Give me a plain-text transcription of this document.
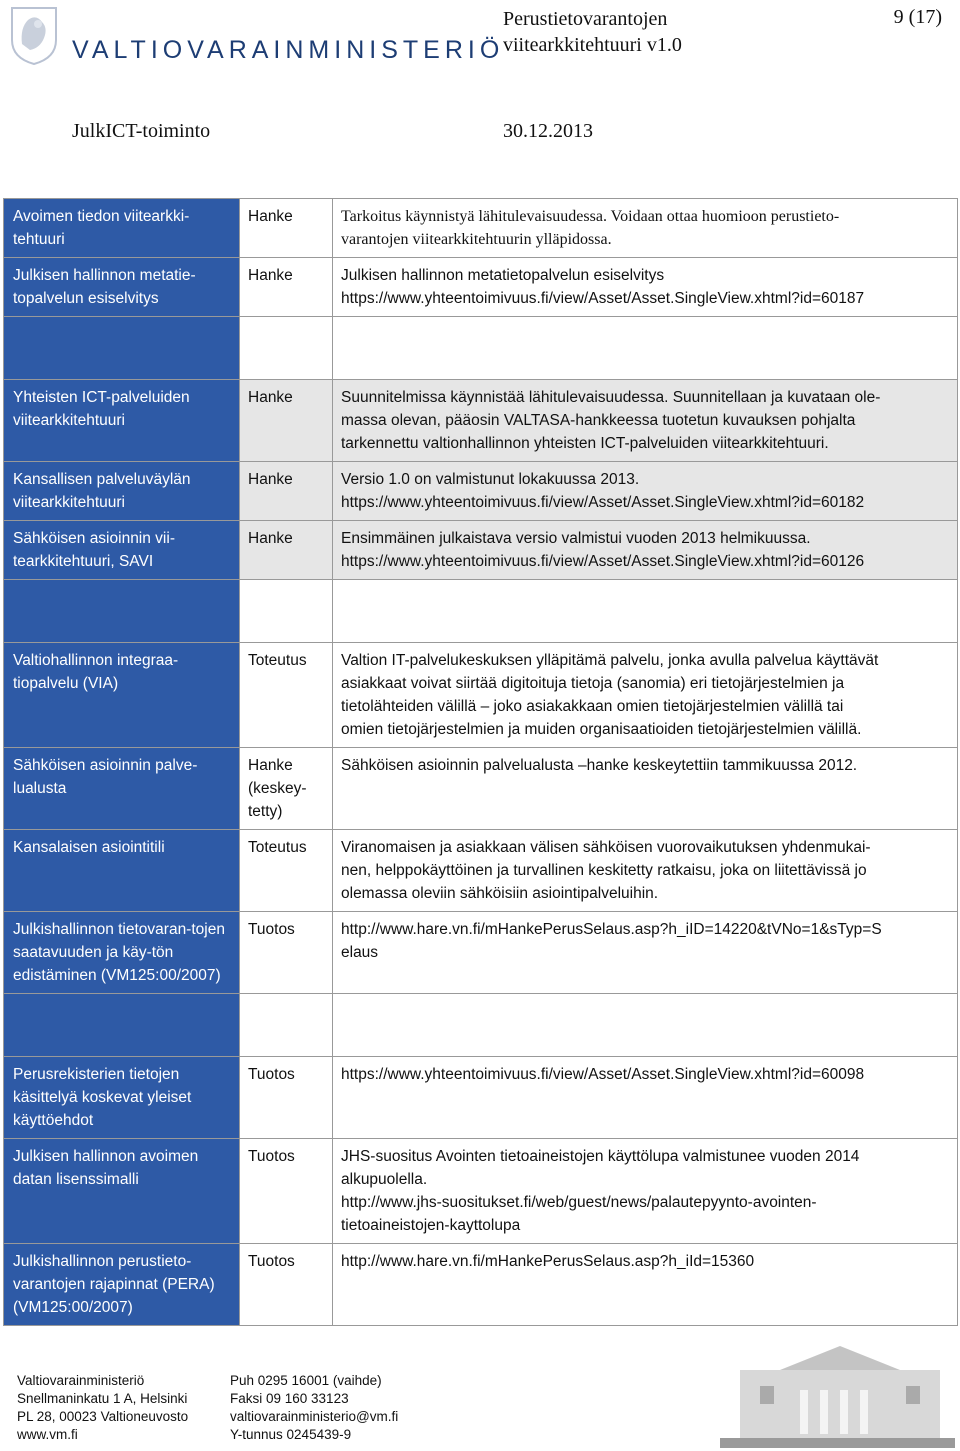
VALTIOVARAINMINISTERIÖ
Perustietovarantojen
viitearkkitehtuuri v1.0
9 (17)
JulkICT-toiminto	30.12.2013
Avoimen tiedon viitearkki-tehtuuri	Hanke	Tarkoitus käynnistyä lähitulevaisuudessa. Voidaan ottaa huomioon perustieto-
varantojen viitearkkitehtuurin ylläpidossa.

Julkisen hallinnon metatie-topalvelun esiselvitys	Hanke	Julkisen hallinnon metatietopalvelun esiselvitys
https://www.yhteentoimivuus.fi/view/Asset/Asset.SingleView.xhtml?id=60187

Yhteisten ICT-palveluiden viitearkkitehtuuri	Hanke	Suunnitelmissa käynnistää lähitulevaisuudessa. Suunnitellaan ja kuvataan ole-
massa olevan, pääosin VALTASA-hankkeessa tuotetun kuvauksen pohjalta
tarkennettu valtionhallinnon yhteisten ICT-palveluiden viitearkkitehtuuri.

Kansallisen palveluväylän viitearkkitehtuuri	Hanke	Versio 1.0 on valmistunut lokakuussa 2013.
https://www.yhteentoimivuus.fi/view/Asset/Asset.SingleView.xhtml?id=60182

Sähköisen asioinnin vii-tearkkitehtuuri, SAVI	Hanke	Ensimmäinen julkaistava versio valmistui vuoden 2013 helmikuussa.
https://www.yhteentoimivuus.fi/view/Asset/Asset.SingleView.xhtml?id=60126

Valtiohallinnon integraa-tiopalvelu (VIA)	Toteutus	Valtion IT-palvelukeskuksen ylläpitämä palvelu, jonka avulla palvelua käyttävät
asiakkaat voivat siirtää digitoituja tietoja (sanomia) eri tietojärjestelmien ja
tietolähteiden välillä – joko asiakakkaan omien tietojärjestelmien välillä tai
omien tietojärjestelmien ja muiden organisaatioiden tietojärjestelmien välillä.

Sähköisen asioinnin palve-lualusta	Hanke (keskey-tetty)	Sähköisen asioinnin palvelualusta –hanke keskeytettiin tammikuussa 2012.

Kansalaisen asiointitili	Toteutus	Viranomaisen ja asiakkaan välisen sähköisen vuorovaikutuksen yhdenmukai-
nen, helppokäyttöinen ja turvallinen keskitetty ratkaisu, joka on liitettävissä jo
olemassa oleviin sähköisiin asiointipalveluihin.

Julkishallinnon tietovaran-tojen saatavuuden ja käy-tön edistäminen (VM125:00/2007)	Tuotos	http://www.hare.vn.fi/mHankePerusSelaus.asp?h_iID=14220&tVNo=1&sTyp=S
elaus

Perusrekisterien tietojen käsittelyä koskevat yleiset käyttöehdot	Tuotos	https://www.yhteentoimivuus.fi/view/Asset/Asset.SingleView.xhtml?id=60098

Julkisen hallinnon avoimen datan lisenssimalli	Tuotos	JHS-suositus Avointen tietoaineistojen käyttölupa valmistunee vuoden 2014
alkupuolella.
http://www.jhs-suositukset.fi/web/guest/news/palautepyynto-avointen-
tietoaineistojen-kayttolupa

Julkishallinnon perustieto-varantojen rajapinnat (PERA) (VM125:00/2007)	Tuotos	http://www.hare.vn.fi/mHankePerusSelaus.asp?h_iId=15360
Valtiovarainministeriö
Snellmaninkatu 1 A, Helsinki
PL 28, 00023 Valtioneuvosto
www.vm.fi
Puh 0295 16001 (vaihde)
Faksi 09 160 33123
valtiovarainministerio@vm.fi
Y-tunnus 0245439-9
